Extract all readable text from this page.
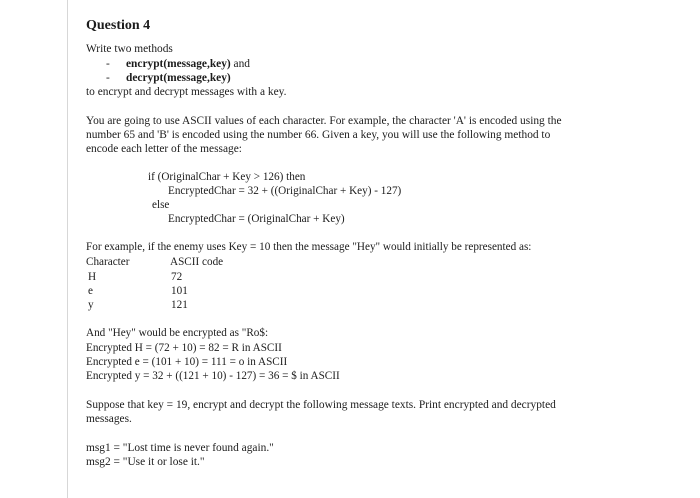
Question 4

Write two methods

- encrypt(message,key) and
- decrypt(message,key)

to encrypt and decrypt messages with a key.

You are going to use ASCII values of each character. For example, the character 'A' is encoded using the

number 65 and 'B' is encoded using the number 66. Given a key, you will use the following method to

encode each letter of the message:

if (OriginalChar + Key > 126) then

EncryptedChar = 32 + ((OriginalChar + Key) - 127)

else

EncryptedChar = (OriginalChar + Key)

For example, if the enemy uses Key = 10 then the message "Hey" would initially be represented as:

Character	ASCII code
H	72
e	101
y	121

And "Hey" would be encrypted as "Ro$:

Encrypted H = (72 + 10) = 82 = R in ASCII

Encrypted e = (101 + 10) = 111 = o in ASCII

Encrypted y = 32 + ((121 + 10) - 127) = 36 = $ in ASCII

Suppose that key = 19, encrypt and decrypt the following message texts. Print encrypted and decrypted

messages.

msg1 = "Lost time is never found again."

msg2 = "Use it or lose it."
